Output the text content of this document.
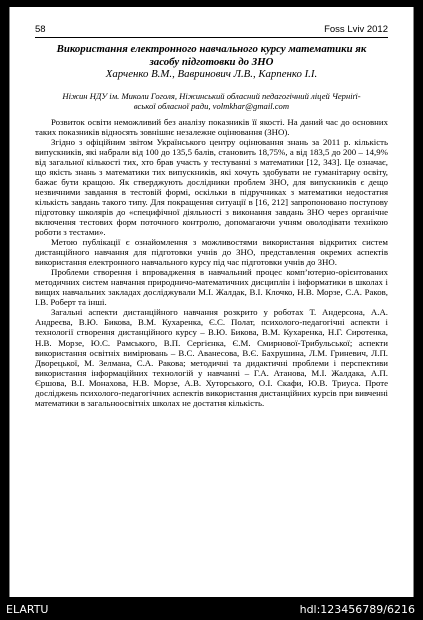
58	Foss Lviv 2012

Використання електронного навчального курсу математики як
засобу підготовки до ЗНО

Харченко В.М., Вавринович Л.В., Карпенко І.І.

Ніжин НДУ ім. Миколи Гоголя, Ніжинський обласний педагогічний ліцей Черніґі-
вської обласної ради, volmkhar@gmail.com

Розвиток освіти неможливий без аналізу показників її якості. На даний час до основних таких показників відносять зовнішнє незалежне оцінювання (ЗНО).

Згідно з офіційним звітом Українського центру оцінювання знань за 2011 р. кількість випускників, які набрали від 100 до 135,5 балів, становить 18,75%, а від 183,5 до 200 – 14,9% від загальної кількості тих, хто брав участь у тестуванні з математики [12, 343]. Це означає, що якість знань з математики тих випускників, які хочуть здобувати не гуманітарну освіту, бажає бути кращою. Як стверджують дослідники проблем ЗНО, для випускників є дещо незвичними завдання в тестовій формі, оскільки в підручниках з математики недостатня кількість завдань такого типу. Для покращення ситуації в [16, 212] запропоновано поступову підготовку школярів до «специфічної діяльності з виконання завдань ЗНО через органічне включення тестових форм поточного контролю, допомагаючи учням оволодівати технікою роботи з тестами».

Метою публікації є ознайомлення з можливостями використання відкритих систем дистанційного навчання для підготовки учнів до ЗНО, представлення окремих аспектів використання електронного навчального курсу під час підготовки учнів до ЗНО.

Проблеми створення і впровадження в навчальний процес комп’ютерно-орієнтованих методичних систем навчання природничо-математичних дисциплін і інформатики в школах і вищих навчальних закладах досліджували М.І. Жалдак, В.І. Клочко, Н.В. Морзе, С.А. Раков, І.В. Роберт та інші.

Загальні аспекти дистанційного навчання розкрито у роботах Т. Андерсона, А.А. Андреєва, В.Ю. Бикова, В.М. Кухаренка, Є.С. Полат, психолого-педагогічні аспекти і технології створення дистанційного курсу – В.Ю. Бикова, В.М. Кухаренка, Н.Г. Сиротенка, Н.В. Морзе, Ю.С. Рамського, В.П. Сергієнка, Є.М. Смирнової-Трибульської; аспекти використання освітніх вимірювань – В.С. Аванесова, В.Є. Бахрушина, Л.М. Гриневич, Л.П. Дворецької, М. Зелмана, С.А. Ракова; методичні та дидактичні проблеми і перспективи використання інформаційних технологій у навчанні – Г.А. Атанова, М.І. Жалдака, А.П. Єршова, В.І. Монахова, Н.В. Морзе, А.В. Хуторського, О.І. Скафи, Ю.В. Триуса. Проте досліджень психолого-педагогічних аспектів використання дистанційних курсів при вивченні математики в загальноосвітніх школах не достатня кількість.

ELARTU	hdl:123456789/6216
